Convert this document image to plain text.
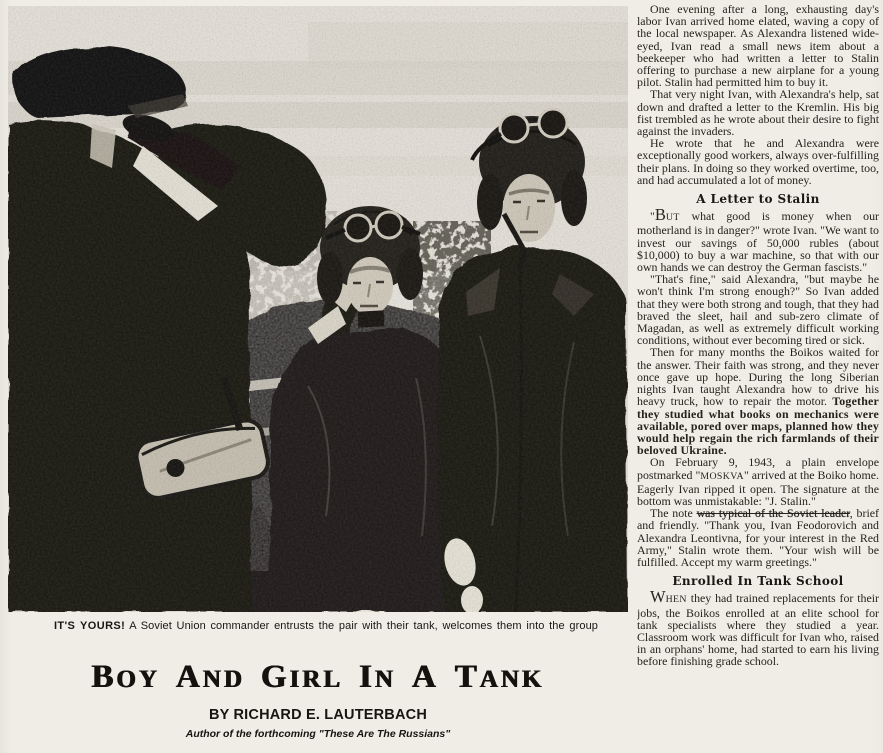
IT'S YOURS! A Soviet Union commander entrusts the pair with their tank, welcomes them into the group
BOY AND GIRL IN A TANK
BY RICHARD E. LAUTERBACH
Author of the forthcoming "These Are The Russians"

One evening after a long, exhausting day's labor Ivan arrived home elated, waving a copy of the local newspaper. As Alexandra listened wide-eyed, Ivan read a small news item about a beekeeper who had written a letter to Stalin offering to purchase a new airplane for a young pilot. Stalin had permitted him to buy it.

That very night Ivan, with Alexandra's help, sat down and drafted a letter to the Kremlin. His big fist trembled as he wrote about their desire to fight against the invaders.

He wrote that he and Alexandra were exceptionally good workers, always over-fulfilling their plans. In doing so they worked overtime, too, and had accumulated a lot of money.

A Letter to Stalin

"BUT what good is money when our motherland is in danger?" wrote Ivan. "We want to invest our savings of 50,000 rubles (about $10,000) to buy a war machine, so that with our own hands we can destroy the German fascists."

"That's fine," said Alexandra, "but maybe he won't think I'm strong enough?" So Ivan added that they were both strong and tough, that they had braved the sleet, hail and sub-zero climate of Magadan, as well as extremely difficult working conditions, without ever becoming tired or sick.

Then for many months the Boikos waited for the answer. Their faith was strong, and they never once gave up hope. During the long Siberian nights Ivan taught Alexandra how to drive his heavy truck, how to repair the motor. Together they studied what books on mechanics were available, pored over maps, planned how they would help regain the rich farmlands of their beloved Ukraine.

On February 9, 1943, a plain envelope postmarked "MOSKVA" arrived at the Boiko home. Eagerly Ivan ripped it open. The signature at the bottom was unmistakable: "J. Stalin."

The note was typical of the Soviet leader, brief and friendly. "Thank you, Ivan Feodorovich and Alexandra Leontivna, for your interest in the Red Army," Stalin wrote them. "Your wish will be fulfilled. Accept my warm greetings."

Enrolled In Tank School

WHEN they had trained replacements for their jobs, the Boikos enrolled at an elite school for tank specialists where they studied a year. Classroom work was difficult for Ivan who, raised in an orphans' home, had started to earn his living before finishing grade school.
